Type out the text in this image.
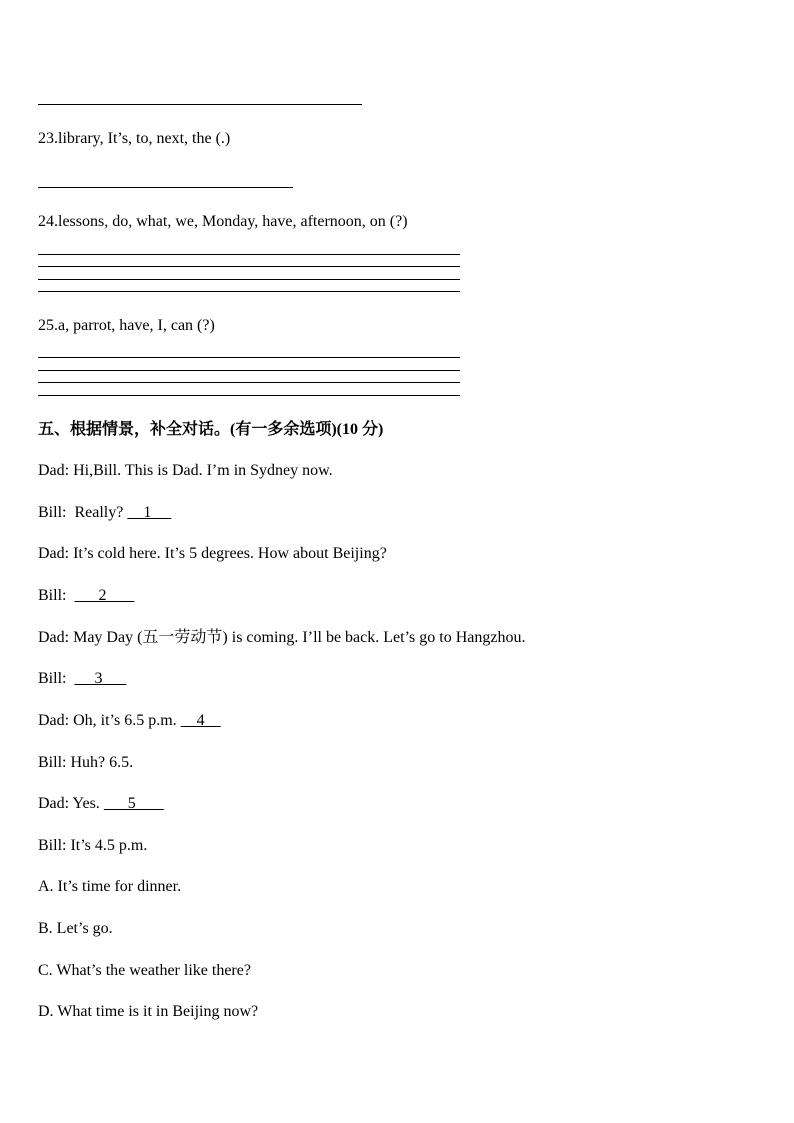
23.library, It’s, to, next, the (.)
24.lessons, do, what, we, Monday, have, afternoon, on (?)
25.a, parrot, have, I, can (?)
五、根据情景，补全对话。(有一多余选项)(10 分)
Dad: Hi,Bill. This is Dad. I’m in Sydney now.
Bill:  Really?     1
Dad: It’s cold here. It’s 5 degrees. How about Beijing?
Bill:        2
Dad: May Day (五一劳动节) is coming. I’ll be back. Let’s go to Hangzhou.
Bill:       3
Dad: Oh, it’s 6.5 p.m.     4
Bill: Huh? 6.5.
Dad: Yes.       5
Bill: It’s 4.5 p.m.
A. It’s time for dinner.
B. Let’s go.
C. What’s the weather like there?
D. What time is it in Beijing now?
